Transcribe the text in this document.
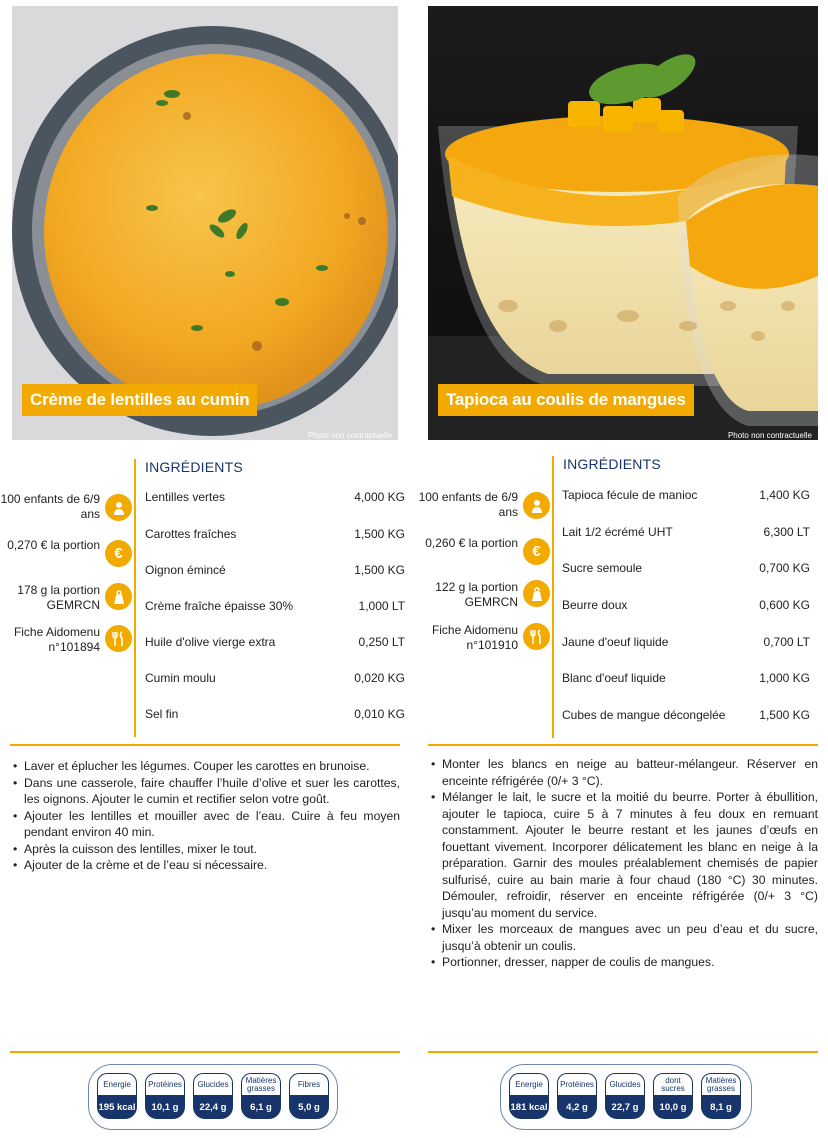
Crème de lentilles au cumin
Photo non contractuelle
INGRÉDIENTS
100 enfants de 6/9 ans
0,270 € la portion €
178 g la portion GEMRCN
Fiche Aidomenu n°101894
Lentilles vertes	4,000 KG
Carottes fraîches	1,500 KG
Oignon émincé	1,500 KG
Crème fraîche épaisse 30%	1,000 LT
Huile d'olive vierge extra	0,250 LT
Cumin moulu	0,020 KG
Sel fin	0,010 KG
• Laver et éplucher les légumes. Couper les carottes en brunoise.
• Dans une casserole, faire chauffer l’huile d’olive et suer les carottes, les oignons. Ajouter le cumin et rectifier selon votre goût.
• Ajouter les lentilles et mouiller avec de l’eau. Cuire à feu moyen pendant environ 40 min.
• Après la cuisson des lentilles, mixer le tout.
• Ajouter de la crème et de l’eau si nécessaire.
Energie
195 kcal
Protéines
10,1 g
Glucides
22,4 g
Matières grasses
6,1 g
Fibres
5,0 g
Tapioca au coulis de mangues
Photo non contractuelle
INGRÉDIENTS
100 enfants de 6/9 ans
0,260 € la portion €
122 g la portion GEMRCN
Fiche Aidomenu n°101910
Tapioca fécule de manioc	1,400 KG
Lait 1/2 écrémé UHT	6,300 LT
Sucre semoule	0,700 KG
Beurre doux	0,600 KG
Jaune d'oeuf liquide	0,700 LT
Blanc d'oeuf liquide	1,000 KG
Cubes de mangue décongelée	1,500 KG
• Monter les blancs en neige au batteur-mélangeur. Réserver en enceinte réfrigérée (0/+ 3 °C).
• Mélanger le lait, le sucre et la moitié du beurre. Porter à ébullition, ajouter le tapioca, cuire 5 à 7 minutes à feu doux en remuant constamment. Ajouter le beurre restant et les jaunes d’œufs en fouettant vivement. Incorporer délicatement les blanc en neige à la préparation. Garnir des moules préalablement chemisés de papier sulfurisé, cuire au bain marie à four chaud (180 °C) 30 minutes. Démouler, refroidir, réserver en enceinte réfrigérée (0/+ 3 °C) jusqu’au moment du service.
• Mixer les morceaux de mangues avec un peu d’eau et du sucre, jusqu’à obtenir un coulis.
• Portionner, dresser, napper de coulis de mangues.
Energie
181 kcal
Protéines
4,2 g
Glucides
22,7 g
dont sucres
10,0 g
Matières grasses
8,1 g
